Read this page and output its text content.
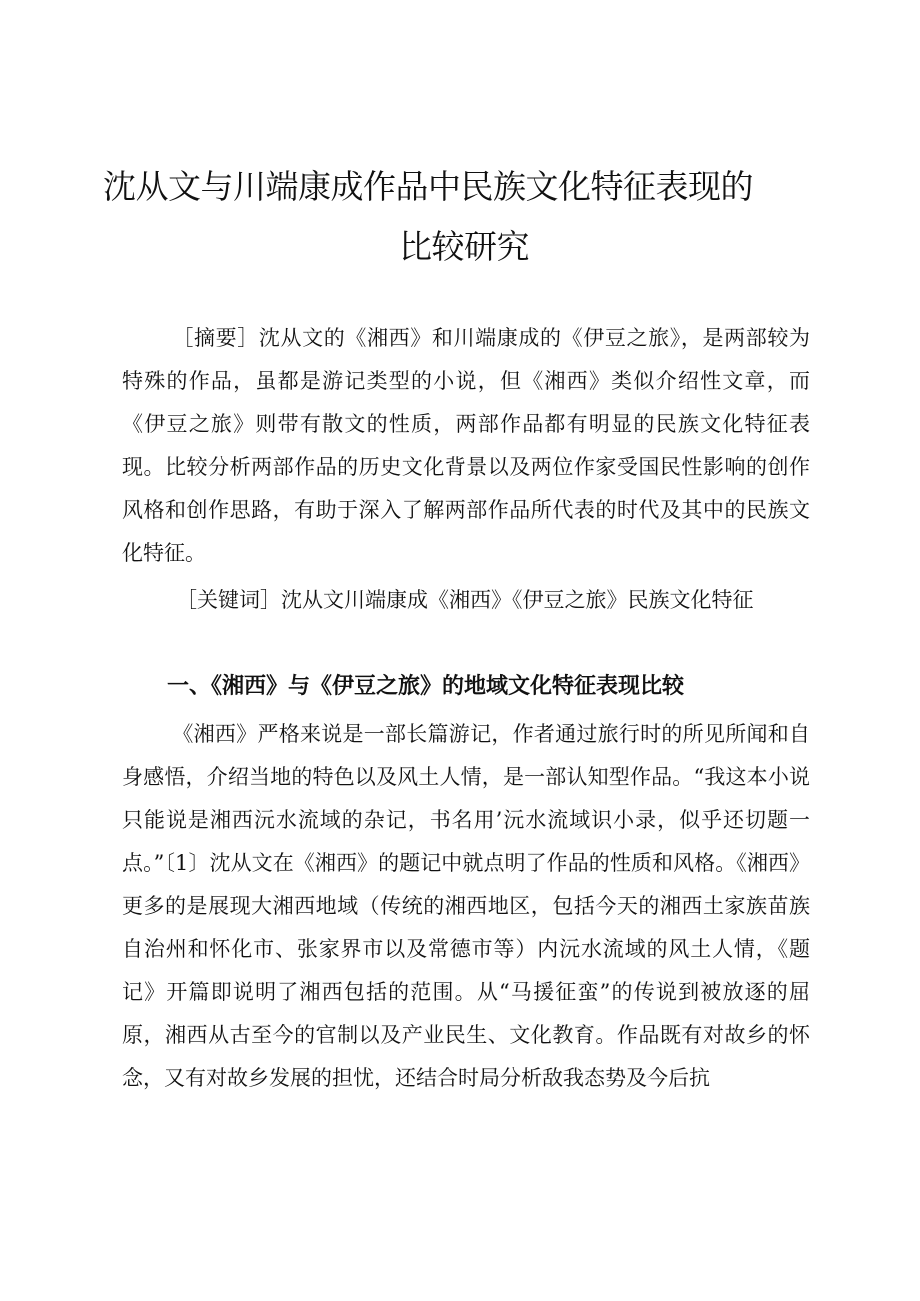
沈从文与川端康成作品中民族文化特征表现的
比较研究

［摘要］沈从文的《湘西》和川端康成的《伊豆之旅》，是两部较为特殊的作品，虽都是游记类型的小说，但《湘西》类似介绍性文章，而《伊豆之旅》则带有散文的性质，两部作品都有明显的民族文化特征表现。比较分析两部作品的历史文化背景以及两位作家受国民性影响的创作风格和创作思路，有助于深入了解两部作品所代表的时代及其中的民族文化特征。

［关键词］沈从文川端康成《湘西》《伊豆之旅》民族文化特征
一、《湘西》与《伊豆之旅》的地域文化特征表现比较

《湘西》严格来说是一部长篇游记，作者通过旅行时的所见所闻和自身感悟，介绍当地的特色以及风土人情，是一部认知型作品。“我这本小说只能说是湘西沅水流域的杂记，书名用’沅水流域识小录，似乎还切题一点。”〔1〕沈从文在《湘西》的题记中就点明了作品的性质和风格。《湘西》更多的是展现大湘西地域（传统的湘西地区，包括今天的湘西土家族苗族自治州和怀化市、张家界市以及常德市等）内沅水流域的风土人情，《题记》开篇即说明了湘西包括的范围。从“马援征蛮”的传说到被放逐的屈原，湘西从古至今的官制以及产业民生、文化教育。作品既有对故乡的怀念，又有对故乡发展的担忧，还结合时局分析敌我态势及今后抗
